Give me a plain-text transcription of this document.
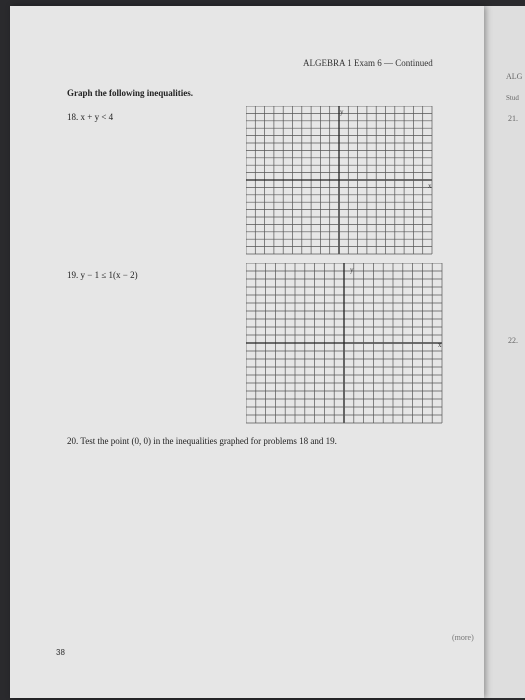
ALGEBRA 1 Exam 6 — Continued
Graph the following inequalities.
18. x + y < 4	y
x
19. y − 1 ≤ 1(x − 2)	y
x
20. Test the point (0, 0) in the inequalities graphed for problems 18 and 19.
(more)
38
ALG
Stud
21.
22.
